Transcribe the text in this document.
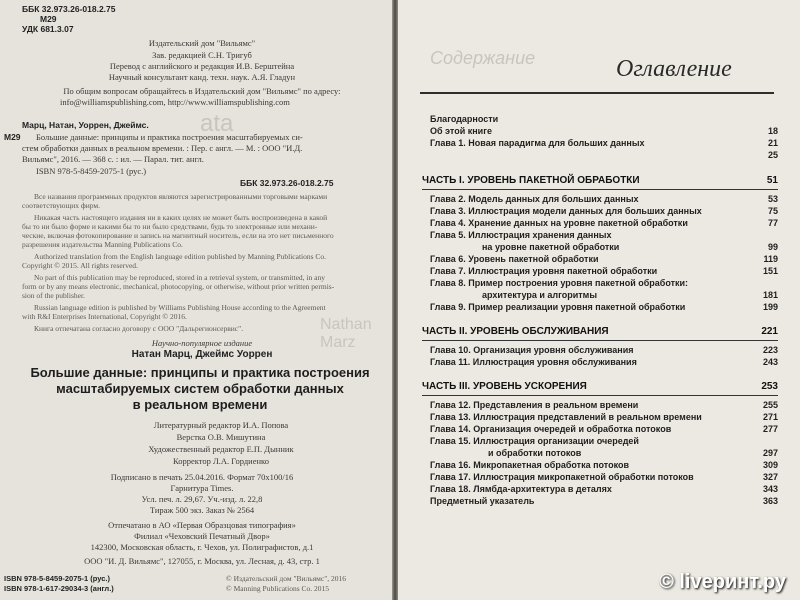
ББК 32.973.26-018.2.75
М29
УДК 681.3.07
Издательский дом "Вильямс"
Зав. редакцией С.Н. Тригуб
Перевод с английского и редакция И.В. Берштейна
Научный консультант канд. техн. наук. А.Я. Гладун
По общим вопросам обращайтесь в Издательский дом "Вильямс" по адресу:
info@williamspublishing.com, http://www.williamspublishing.com
ata
Марц, Натан, Уоррен, Джеймс.
М29	Большие данные: принципы и практика построения масштабируемых си-
стем обработки данных в реальном времени. : Пер. с англ. — М. : ООО "И.Д.
Вильямс", 2016. — 368 с. : ил. — Парал. тит. англ.
ISBN 978-5-8459-2075-1 (рус.)
ББК 32.973.26-018.2.75
Все названия программных продуктов являются зарегистрированными торговыми марками
соответствующих фирм.
Никакая часть настоящего издания ни в каких целях не может быть воспроизведена в какой
бы то ни было форме и какими бы то ни было средствами, будь то электронные или механи-
ческие, включая фотокопирование и запись на магнитный носитель, если на это нет письменного
разрешения издательства Manning Publications Co.
Authorized translation from the English language edition published by Manning Publications Co.
Copyright © 2015. All rights reserved.
No part of this publication may be reproduced, stored in a retrieval system, or transmitted, in any
form or by any means electronic, mechanical, photocopying, or otherwise, without prior written permis-
sion of the publisher.
Russian language edition is published by Williams Publishing House according to the Agreement
with R&I Enterprises International, Copyright © 2016.
Книга отпечатана согласно договору с ООО "Дальрегионсервис".
Научно-популярное издание
Натан Марц, Джеймс Уоррен
Nathan Marz
Большие данные: принципы и практика построения
масштабируемых систем обработки данных
в реальном времени
Литературный редактор И.А. Попова
Верстка О.В. Мишутина
Художественный редактор Е.П. Дынник
Корректор Л.А. Гордиенко
Подписано в печать 25.04.2016. Формат 70x100/16
Гарнитура Times.
Усл. печ. л. 29,67. Уч.-изд. л. 22,8
Тираж 500 экз. Заказ № 2564
Отпечатано в АО «Первая Образцовая типография»
Филиал «Чеховский Печатный Двор»
142300, Московская область, г. Чехов, ул. Полиграфистов, д.1
ООО "И. Д. Вильямс", 127055, г. Москва, ул. Лесная, д. 43, стр. 1
ISBN 978-5-8459-2075-1 (рус.)
ISBN 978-1-617-29034-3 (англ.)
© Издательский дом "Вильямс", 2016
© Manning Publications Co. 2015
Содержание	Оглавление
Благодарности
Об этой книге	18
Глава 1. Новая парадигма для больших данных	21
25
ЧАСТЬ I. УРОВЕНЬ ПАКЕТНОЙ ОБРАБОТКИ	51
Глава 2. Модель данных для больших данных	53
Глава 3. Иллюстрация модели данных для больших данных	75
Глава 4. Хранение данных на уровне пакетной обработки	77
Глава 5. Иллюстрация хранения данных
на уровне пакетной обработки	99
Глава 6. Уровень пакетной обработки	119
Глава 7. Иллюстрация уровня пакетной обработки	151
Глава 8. Пример построения уровня пакетной обработки:
архитектура и алгоритмы	181
Глава 9. Пример реализации уровня пакетной обработки	199
ЧАСТЬ II. УРОВЕНЬ ОБСЛУЖИВАНИЯ	221
Глава 10. Организация уровня обслуживания	223
Глава 11. Иллюстрация уровня обслуживания	243
ЧАСТЬ III. УРОВЕНЬ УСКОРЕНИЯ	253
Глава 12. Представления в реальном времени	255
Глава 13. Иллюстрация представлений в реальном времени	271
Глава 14. Организация очередей и обработка потоков	277
Глава 15. Иллюстрация организации очередей
и обработки потоков	297
Глава 16. Микропакетная обработка потоков	309
Глава 17. Иллюстрация микропакетной обработки потоков	327
Глава 18. Лямбда-архитектура в деталях	343
Предметный указатель	363
© livеринт.ру
